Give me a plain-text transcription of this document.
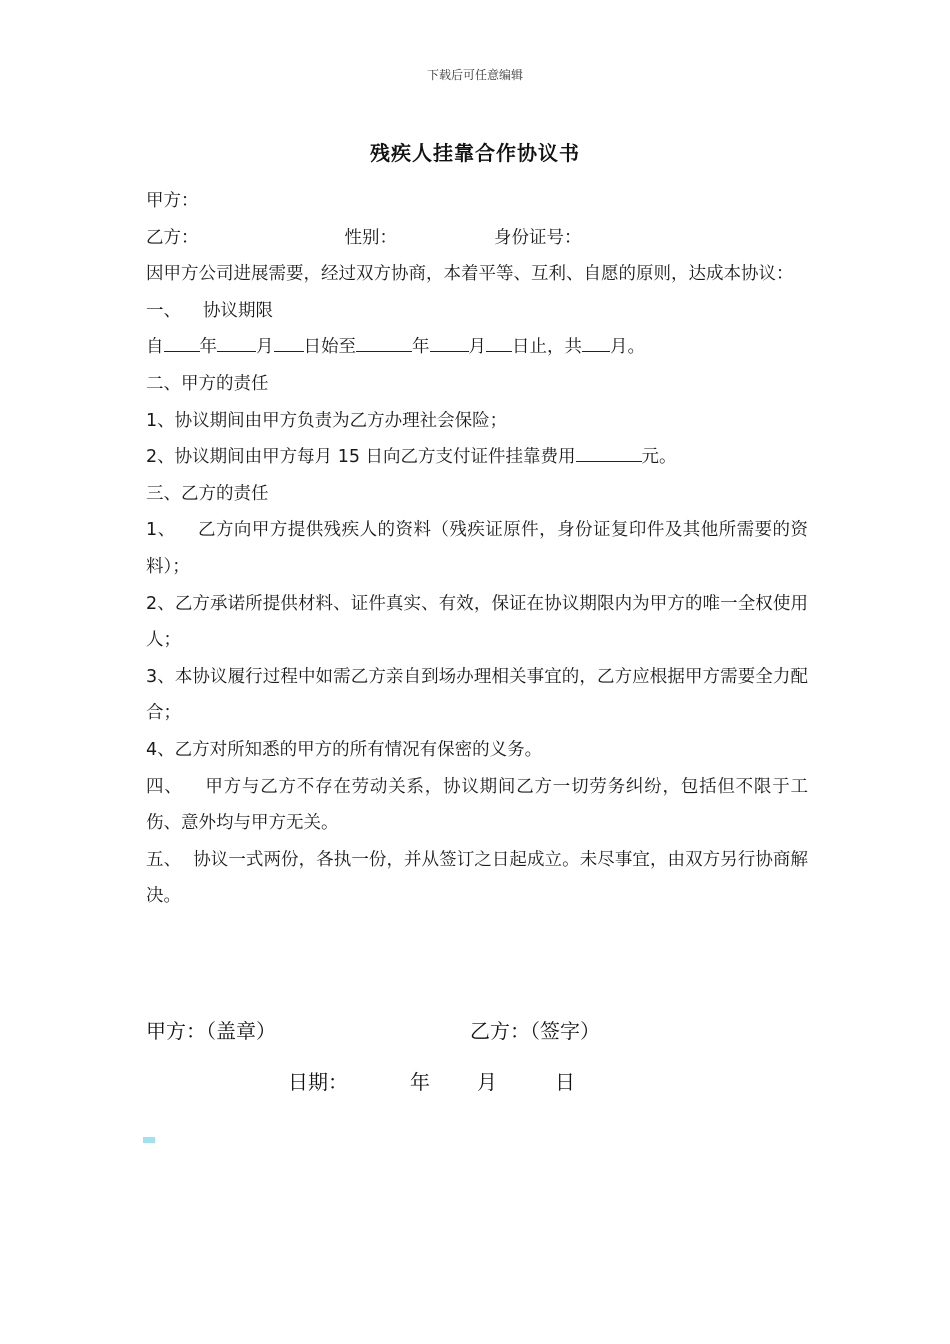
下载后可任意编辑
残疾人挂靠合作协议书

甲方：

乙方：	性别：	身份证号：

因甲方公司进展需要，经过双方协商，本着平等、互利、自愿的原则，达成本协议：

一、 协议期限

自 年 月 日始至	年 月 日止，共 月。

二、甲方的责任

1、协议期间由甲方负责为乙方办理社会保险；

2、协议期间由甲方每月 15 日向乙方支付证件挂靠费用	元。

三、乙方的责任

1、 乙方向甲方提供残疾人的资料（残疾证原件，身份证复印件及其他所需要的资料）；

2、乙方承诺所提供材料、证件真实、有效，保证在协议期限内为甲方的唯一全权使用人；

3、本协议履行过程中如需乙方亲自到场办理相关事宜的，乙方应根据甲方需要全力配合；

4、乙方对所知悉的甲方的所有情况有保密的义务。

四、 甲方与乙方不存在劳动关系，协议期间乙方一切劳务纠纷，包括但不限于工伤、意外均与甲方无关。

五、 协议一式两份，各执一份，并从签订之日起成立。未尽事宜，由双方另行协商解决。

甲方：（盖章）	乙方：（签字）
日期：	年 月	日
